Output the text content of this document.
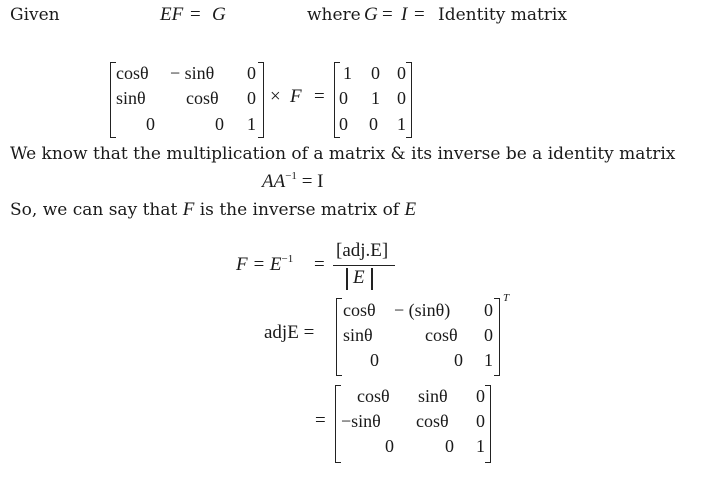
Given	EF = G	where G = I = Identity matrix
cosθ − sinθ 0
sinθ cosθ 0
0	0 1
× F =
1 0 0
0 1 0
0 0 1
We know that the multiplication of a matrix & its inverse be a identity matrix
$AA^{-1} = I$
So, we can say that F is the inverse matrix of E
$F = E^{-1}$ =
[adj.E]
E
adjE =
T
cosθ − (sinθ) 0
sinθ	cosθ 0
0	0 1
=
cosθ sinθ 0
−sinθ cosθ 0
0	0 1
